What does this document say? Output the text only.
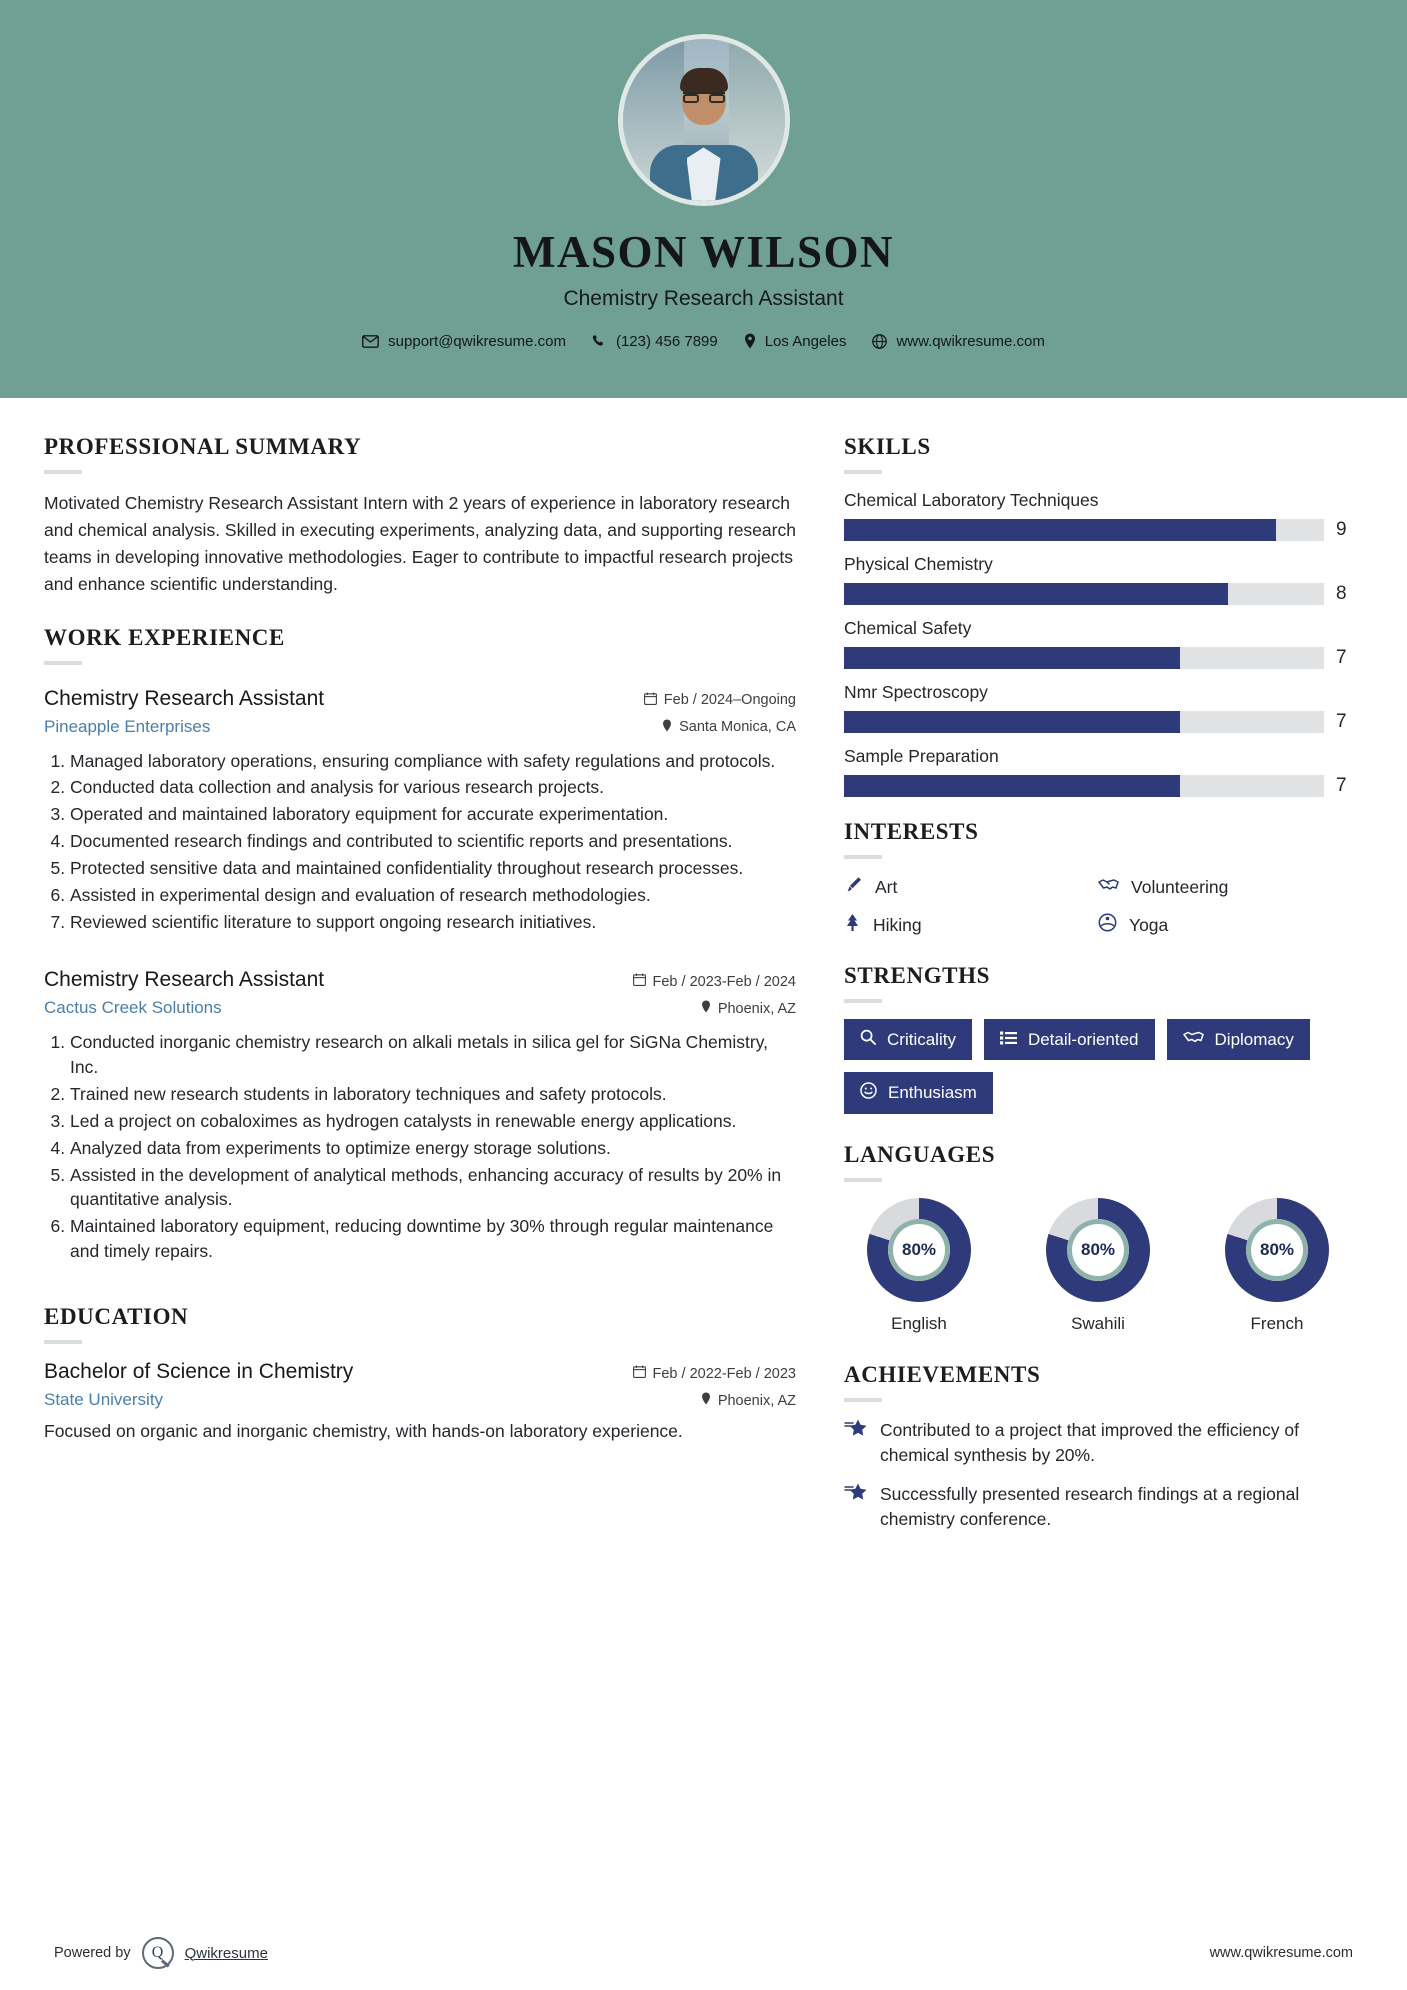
MASON WILSON
Chemistry Research Assistant
support@qwikresume.com	(123) 456 7899	Los Angeles	www.qwikresume.com
PROFESSIONAL SUMMARY
Motivated Chemistry Research Assistant Intern with 2 years of experience in laboratory research and chemical analysis. Skilled in executing experiments, analyzing data, and supporting research teams in developing innovative methodologies. Eager to contribute to impactful research projects and enhance scientific understanding.
WORK EXPERIENCE
Chemistry Research Assistant	Feb / 2024–Ongoing
Pineapple Enterprises	Santa Monica, CA
1. Managed laboratory operations, ensuring compliance with safety regulations and protocols.
2. Conducted data collection and analysis for various research projects.
3. Operated and maintained laboratory equipment for accurate experimentation.
4. Documented research findings and contributed to scientific reports and presentations.
5. Protected sensitive data and maintained confidentiality throughout research processes.
6. Assisted in experimental design and evaluation of research methodologies.
7. Reviewed scientific literature to support ongoing research initiatives.
Chemistry Research Assistant	Feb / 2023-Feb / 2024
Cactus Creek Solutions	Phoenix, AZ
1. Conducted inorganic chemistry research on alkali metals in silica gel for SiGNa Chemistry, Inc.
2. Trained new research students in laboratory techniques and safety protocols.
3. Led a project on cobaloximes as hydrogen catalysts in renewable energy applications.
4. Analyzed data from experiments to optimize energy storage solutions.
5. Assisted in the development of analytical methods, enhancing accuracy of results by 20% in quantitative analysis.
6. Maintained laboratory equipment, reducing downtime by 30% through regular maintenance and timely repairs.
EDUCATION
Bachelor of Science in Chemistry	Feb / 2022-Feb / 2023
State University	Phoenix, AZ
Focused on organic and inorganic chemistry, with hands-on laboratory experience.
SKILLS
Chemical Laboratory Techniques
9
Physical Chemistry
8
Chemical Safety
7
Nmr Spectroscopy
7
Sample Preparation
7
INTERESTS
Art	Volunteering
Hiking	Yoga
STRENGTHS
Criticality	Detail-oriented	Diplomacy
Enthusiasm
LANGUAGES
80%
English
80%
Swahili
80%
French
ACHIEVEMENTS
Contributed to a project that improved the efficiency of chemical synthesis by 20%.
Successfully presented research findings at a regional chemistry conference.
Powered by	Q	Qwikresume	www.qwikresume.com
